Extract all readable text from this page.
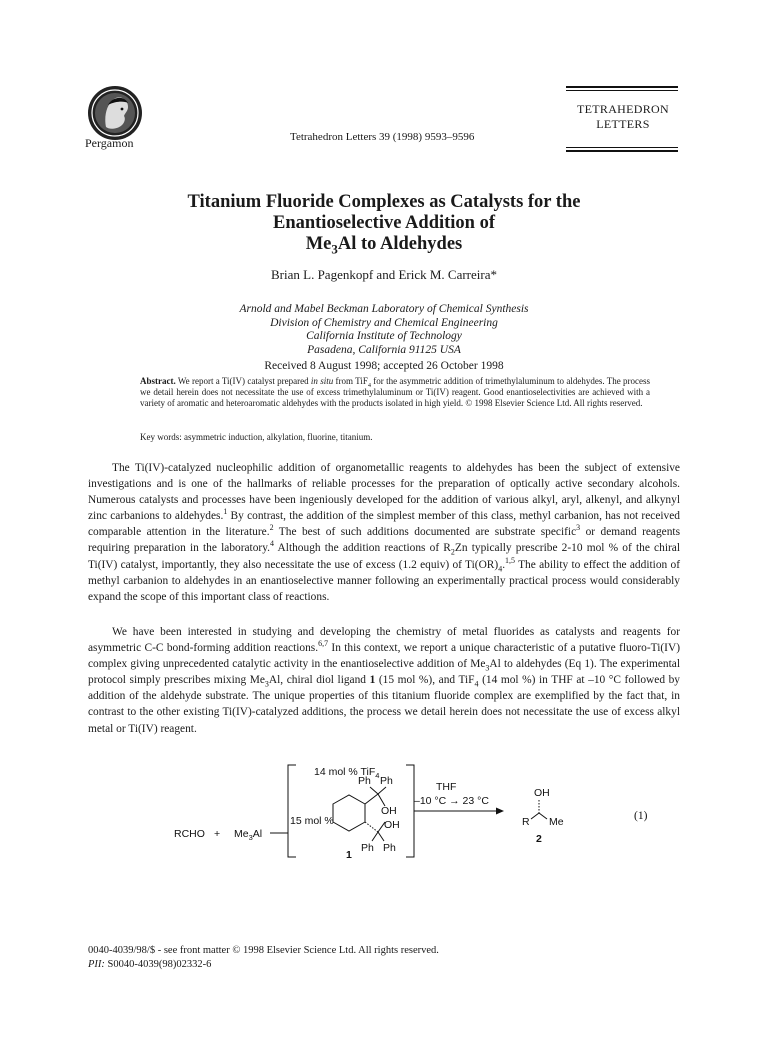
Pergamon	Tetrahedron Letters 39 (1998) 9593–9596
TETRAHEDRON
LETTERS
Titanium Fluoride Complexes as Catalysts for the
Enantioselective Addition of
$Me_3Al$ to Aldehydes
Brian L. Pagenkopf and Erick M. Carreira*
Arnold and Mabel Beckman Laboratory of Chemical Synthesis
Division of Chemistry and Chemical Engineering
California Institute of Technology
Pasadena, California 91125 USA
Received 8 August 1998; accepted 26 October 1998
Abstract. We report a Ti(IV) catalyst prepared in situ from TiF$_4$ for the asymmetric addition of trimethylaluminum to aldehydes. The process we detail herein does not necessitate the use of excess trimethylaluminum or Ti(IV) reagent. Good enantioselectivities are achieved with a variety of aromatic and heteroaromatic aldehydes with the products isolated in high yield. © 1998 Elsevier Science Ltd. All rights reserved.
Key words: asymmetric induction, alkylation, fluorine, titanium.
The Ti(IV)-catalyzed nucleophilic addition of organometallic reagents to aldehydes has been the subject of extensive investigations and is one of the hallmarks of reliable processes for the preparation of optically active secondary alcohols. Numerous catalysts and processes have been ingeniously developed for the addition of various alkyl, aryl, alkenyl, and alkynyl zinc carbanions to aldehydes.$^1$ By contrast, the addition of the simplest member of this class, methyl carbanion, has not received comparable attention in the literature.$^2$ The best of such additions documented are substrate specific$^3$ or demand reagents requiring preparation in the laboratory.$^4$ Although the addition reactions of $R_2Zn$ typically prescribe 2-10 mol % of the chiral Ti(IV) catalyst, importantly, they also necessitate the use of excess (1.2 equiv) of $Ti(OR)_4.^{1,5}$ The ability to effect the addition of methyl carbanion to aldehydes in an enantioselective manner following an experimentally practical process would considerably expand the scope of this important class of reactions.
We have been interested in studying and developing the chemistry of metal fluorides as catalysts and reagents for asymmetric C-C bond-forming addition reactions.$^{6,7}$ In this context, we report a unique characteristic of a putative fluoro-Ti(IV) complex giving unprecedented catalytic activity in the enantioselective addition of $Me_3Al$ to aldehydes (Eq 1). The experimental protocol simply prescribes mixing $Me_3Al$, chiral diol ligand 1 (15 mol %), and TiF$_4$ (14 mol %) in THF at –10 °C followed by addition of the aldehyde substrate. The unique properties of this titanium fluoride complex are exemplified by the fact that, in contrast to the other existing Ti(IV)-catalyzed additions, the process we detail herein does not necessitate the use of excess alkyl metal or Ti(IV) reagent.
RCHO + $Me_3Al$
14 mol % TiF$_4$
15 mol %
Ph Ph
OH
OH
Ph Ph
1
THF
–10 °C → 23 °C
OH
R Me
2
(1)
0040-4039/98/$ - see front matter © 1998 Elsevier Science Ltd. All rights reserved.
PII: S0040-4039(98)02332-6
